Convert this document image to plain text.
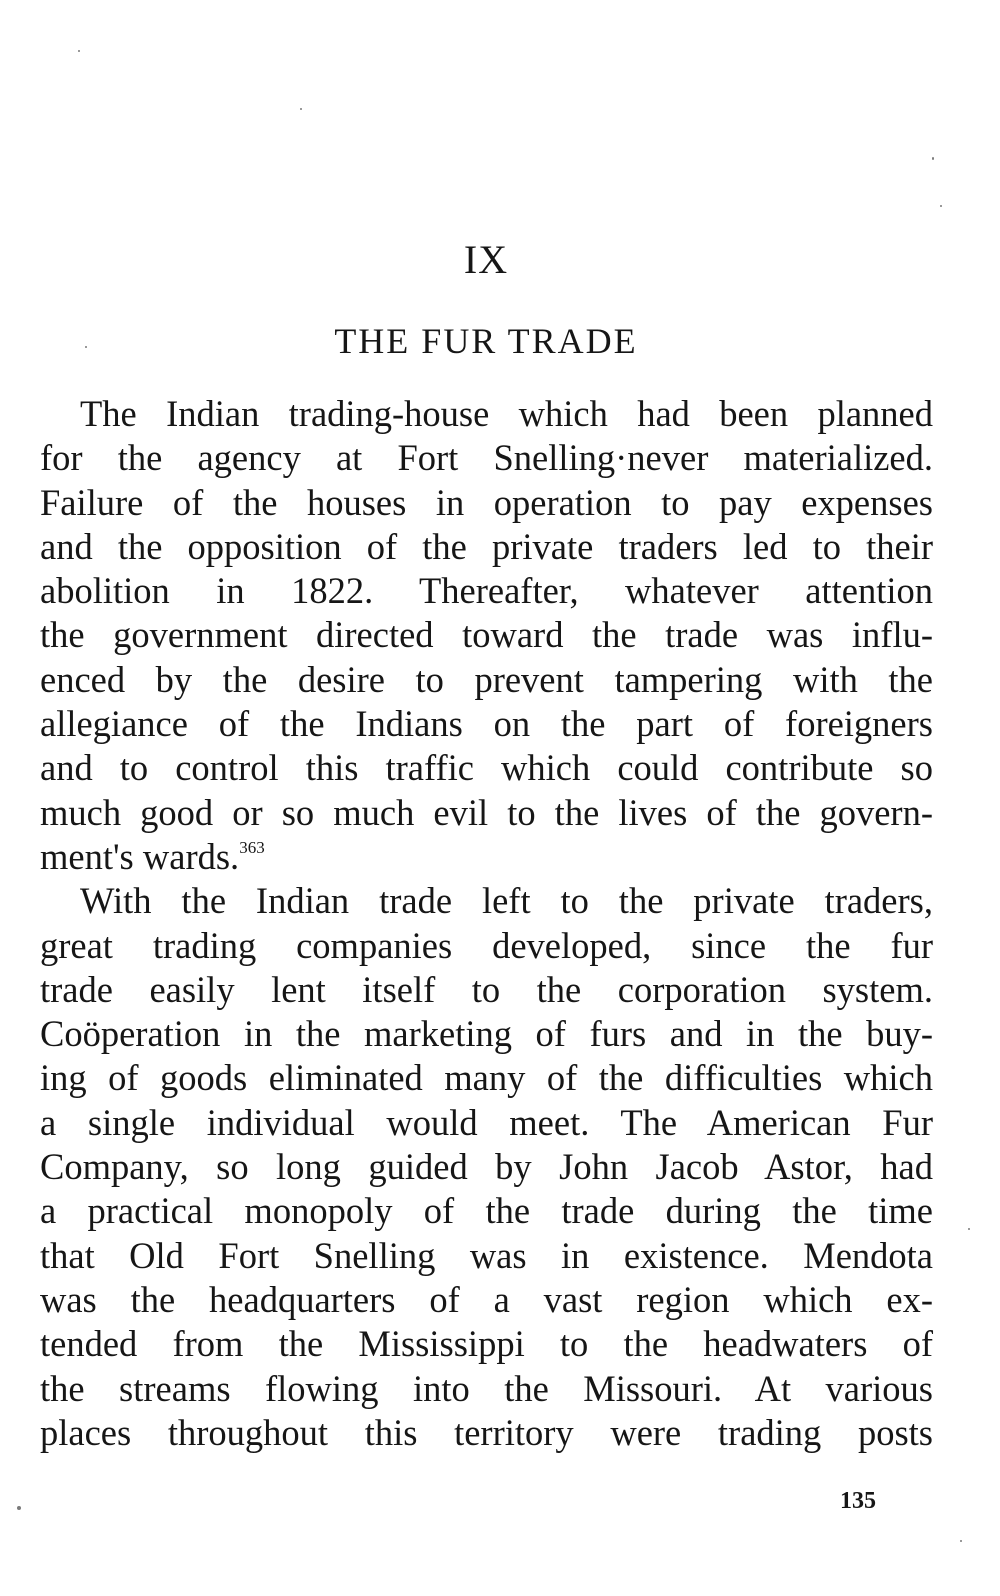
IX
THE FUR TRADE
The Indian trading-house which had been planned
for the agency at Fort Snelling·never materialized.
Failure of the houses in operation to pay expenses
and the opposition of the private traders led to their
abolition in 1822. Thereafter, whatever attention
the government directed toward the trade was influ-
enced by the desire to prevent tampering with the
allegiance of the Indians on the part of foreigners
and to control this traffic which could contribute so
much good or so much evil to the lives of the govern-
ment's wards.$^{363}$
With the Indian trade left to the private traders,
great trading companies developed, since the fur
trade easily lent itself to the corporation system.
Coöperation in the marketing of furs and in the buy-
ing of goods eliminated many of the difficulties which
a single individual would meet. The American Fur
Company, so long guided by John Jacob Astor, had
a practical monopoly of the trade during the time
that Old Fort Snelling was in existence. Mendota
was the headquarters of a vast region which ex-
tended from the Mississippi to the headwaters of
the streams flowing into the Missouri. At various
places throughout this territory were trading posts
135
